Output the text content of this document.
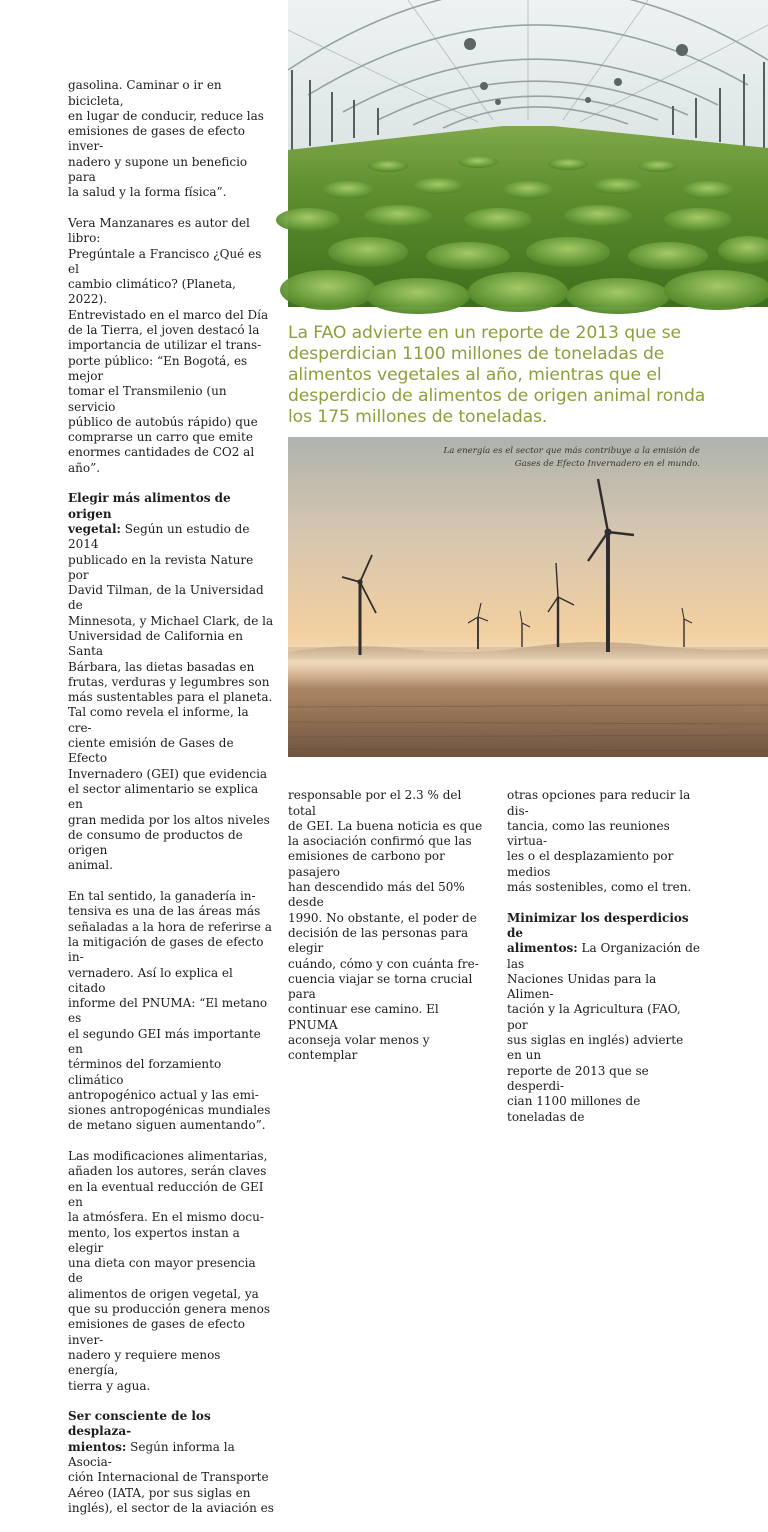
gasolina. Caminar o ir en bicicleta,
en lugar de conducir, reduce las
emisiones de gases de efecto inver-
nadero y supone un beneficio para
la salud y la forma física”.

Vera Manzanares es autor del libro:
Pregúntale a Francisco ¿Qué es el
cambio climático? (Planeta, 2022).
Entrevistado en el marco del Día
de la Tierra, el joven destacó la
importancia de utilizar el trans-
porte público: “En Bogotá, es mejor
tomar el Transmilenio (un servicio
público de autobús rápido) que
comprarse un carro que emite
enormes cantidades de CO2 al
año”.

Elegir más alimentos de origen
vegetal: Según un estudio de 2014
publicado en la revista Nature por
David Tilman, de la Universidad de
Minnesota, y Michael Clark, de la
Universidad de California en Santa
Bárbara, las dietas basadas en
frutas, verduras y legumbres son
más sustentables para el planeta.
Tal como revela el informe, la cre-
ciente emisión de Gases de Efecto
Invernadero (GEI) que evidencia
el sector alimentario se explica en
gran medida por los altos niveles
de consumo de productos de origen
animal.

En tal sentido, la ganadería in-
tensiva es una de las áreas más
señaladas a la hora de referirse a
la mitigación de gases de efecto in-
vernadero. Así lo explica el citado
informe del PNUMA: “El metano es
el segundo GEI más importante en
términos del forzamiento climático
antropogénico actual y las emi-
siones antropogénicas mundiales
de metano siguen aumentando”.

Las modificaciones alimentarias,
añaden los autores, serán claves
en la eventual reducción de GEI en
la atmósfera. En el mismo docu-
mento, los expertos instan a elegir
una dieta con mayor presencia de
alimentos de origen vegetal, ya
que su producción genera menos
emisiones de gases de efecto inver-
nadero y requiere menos energía,
tierra y agua.

Ser consciente de los desplaza-
mientos: Según informa la Asocia-
ción Internacional de Transporte
Aéreo (IATA, por sus siglas en
inglés), el sector de la aviación es

La FAO advierte en un reporte de 2013 que se
desperdician 1100 millones de toneladas de
alimentos vegetales al año, mientras que el
desperdicio de alimentos de origen animal ronda
los 175 millones de toneladas.
La energía es el sector que más contribuye a la emisión de
Gases de Efecto Invernadero en el mundo.

responsable por el 2.3 % del total
de GEI. La buena noticia es que
la asociación confirmó que las
emisiones de carbono por pasajero
han descendido más del 50% desde
1990. No obstante, el poder de
decisión de las personas para elegir
cuándo, cómo y con cuánta fre-
cuencia viajar se torna crucial para
continuar ese camino. El PNUMA
aconseja volar menos y contemplar

otras opciones para reducir la dis-
tancia, como las reuniones virtua-
les o el desplazamiento por medios
más sostenibles, como el tren.

Minimizar los desperdicios de
alimentos: La Organización de las
Naciones Unidas para la Alimen-
tación y la Agricultura (FAO, por
sus siglas en inglés) advierte en un
reporte de 2013 que se desperdi-
cian 1100 millones de toneladas de
